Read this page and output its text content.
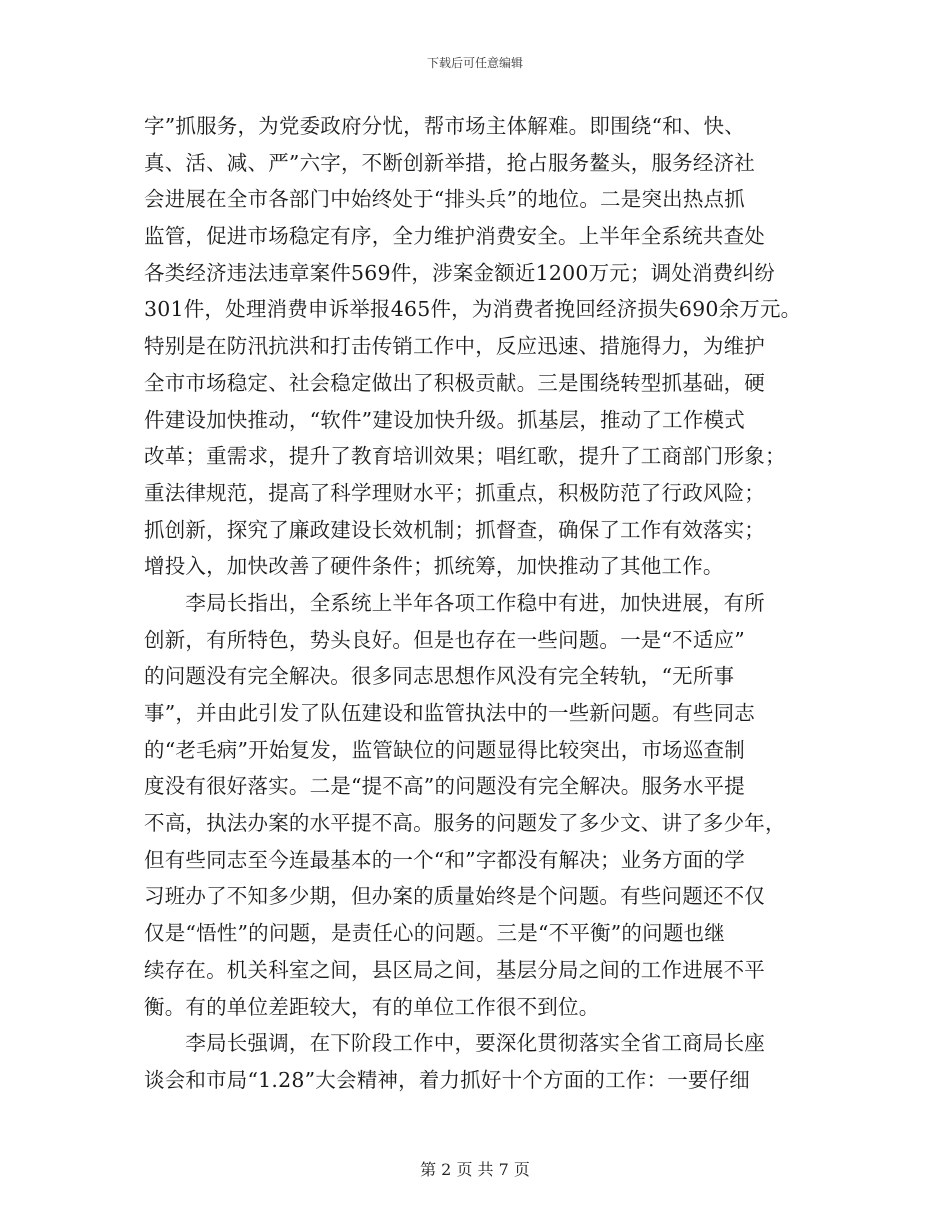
下载后可任意编辑
字”抓服务，为党委政府分忧，帮市场主体解难。即围绕“和、快、
真、活、减、严”六字，不断创新举措，抢占服务鳌头，服务经济社
会进展在全市各部门中始终处于“排头兵”的地位。二是突出热点抓
监管，促进市场稳定有序，全力维护消费安全。上半年全系统共查处
各类经济违法违章案件569件，涉案金额近1200万元；调处消费纠纷
301件，处理消费申诉举报465件，为消费者挽回经济损失690余万元。
特别是在防汛抗洪和打击传销工作中，反应迅速、措施得力，为维护
全市市场稳定、社会稳定做出了积极贡献。三是围绕转型抓基础，硬
件建设加快推动，“软件”建设加快升级。抓基层，推动了工作模式
改革；重需求，提升了教育培训效果；唱红歌，提升了工商部门形象；
重法律规范，提高了科学理财水平；抓重点，积极防范了行政风险；
抓创新，探究了廉政建设长效机制；抓督查，确保了工作有效落实；
增投入，加快改善了硬件条件；抓统筹，加快推动了其他工作。
　　李局长指出，全系统上半年各项工作稳中有进，加快进展，有所
创新，有所特色，势头良好。但是也存在一些问题。一是“不适应”
的问题没有完全解决。很多同志思想作风没有完全转轨，“无所事
事”，并由此引发了队伍建设和监管执法中的一些新问题。有些同志
的“老毛病”开始复发，监管缺位的问题显得比较突出，市场巡查制
度没有很好落实。二是“提不高”的问题没有完全解决。服务水平提
不高，执法办案的水平提不高。服务的问题发了多少文、讲了多少年，
但有些同志至今连最基本的一个“和”字都没有解决；业务方面的学
习班办了不知多少期，但办案的质量始终是个问题。有些问题还不仅
仅是“悟性”的问题，是责任心的问题。三是“不平衡”的问题也继
续存在。机关科室之间，县区局之间，基层分局之间的工作进展不平
衡。有的单位差距较大，有的单位工作很不到位。
　　李局长强调，在下阶段工作中，要深化贯彻落实全省工商局长座
谈会和市局“1.28”大会精神，着力抓好十个方面的工作：一要仔细
第 2 页 共 7 页
